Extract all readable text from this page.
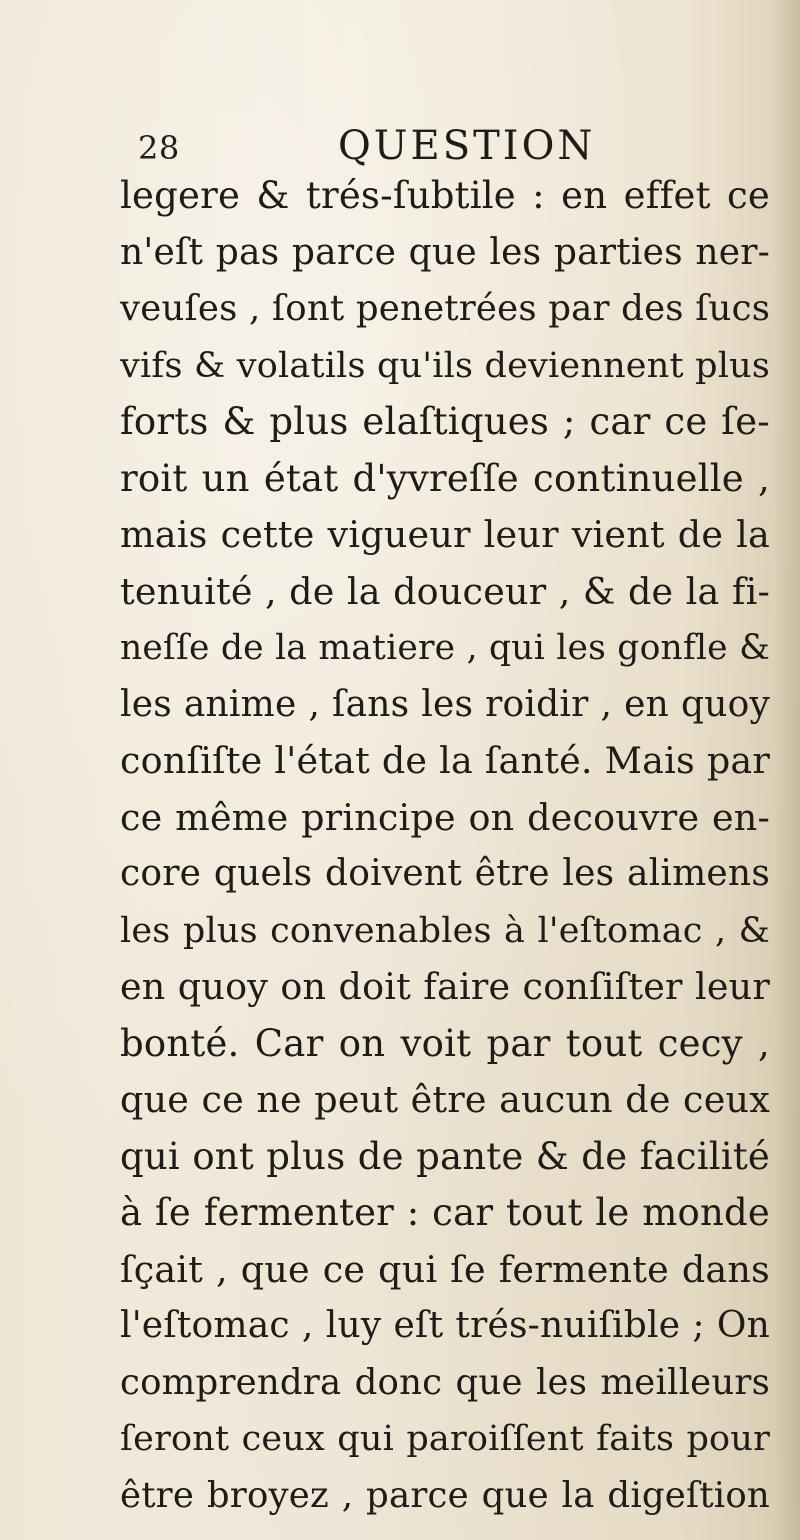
28	QUESTION
legere & trés-ſubtile : en effet ce
n'eſt pas parce que les parties ner-
veuſes , ſont penetrées par des ſucs
vifs & volatils qu'ils deviennent plus
forts & plus elaſtiques ; car ce ſe-
roit un état d'yvreſſe continuelle ,
mais cette vigueur leur vient de la
tenuité , de la douceur , & de la fi-
neſſe de la matiere , qui les gonfle &
les anime , ſans les roidir , en quoy
conſiſte l'état de la ſanté. Mais par
ce même principe on decouvre en-
core quels doivent être les alimens
les plus convenables à l'eſtomac , &
en quoy on doit faire conſiſter leur
bonté. Car on voit par tout cecy ,
que ce ne peut être aucun de ceux
qui ont plus de pante & de facilité
à ſe fermenter : car tout le monde
ſçait , que ce qui ſe fermente dans
l'eſtomac , luy eſt trés-nuiſible ; On
comprendra donc que les meilleurs
ſeront ceux qui paroiſſent faits pour
être broyez , parce que la digeſtion
